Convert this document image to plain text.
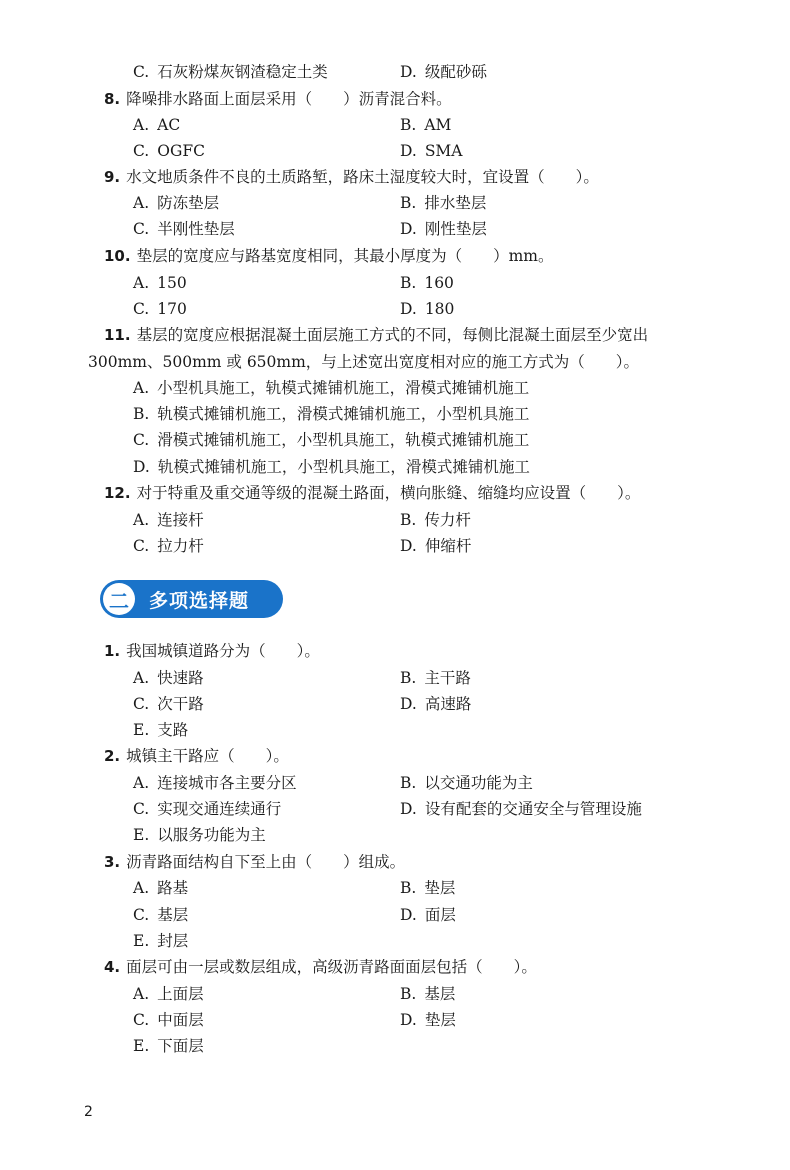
C. 石灰粉煤灰钢渣稳定土类	D. 级配砂砾
8. 降噪排水路面上面层采用（　　）沥青混合料。
A. AC	B. AM
C. OGFC	D. SMA
9. 水文地质条件不良的土质路堑，路床土湿度较大时，宜设置（　　）。
A. 防冻垫层	B. 排水垫层
C. 半刚性垫层	D. 刚性垫层
10. 垫层的宽度应与路基宽度相同，其最小厚度为（　　）mm。
A. 150	B. 160
C. 170	D. 180
11. 基层的宽度应根据混凝土面层施工方式的不同，每侧比混凝土面层至少宽出
300mm、500mm 或 650mm，与上述宽出宽度相对应的施工方式为（　　）。
A. 小型机具施工，轨模式摊铺机施工，滑模式摊铺机施工
B. 轨模式摊铺机施工，滑模式摊铺机施工，小型机具施工
C. 滑模式摊铺机施工，小型机具施工，轨模式摊铺机施工
D. 轨模式摊铺机施工，小型机具施工，滑模式摊铺机施工
12. 对于特重及重交通等级的混凝土路面，横向胀缝、缩缝均应设置（　　）。
A. 连接杆	B. 传力杆
C. 拉力杆	D. 伸缩杆
二	多项选择题
1. 我国城镇道路分为（　　）。
A. 快速路	B. 主干路
C. 次干路	D. 高速路
E. 支路
2. 城镇主干路应（　　）。
A. 连接城市各主要分区	B. 以交通功能为主
C. 实现交通连续通行	D. 设有配套的交通安全与管理设施
E. 以服务功能为主
3. 沥青路面结构自下至上由（　　）组成。
A. 路基	B. 垫层
C. 基层	D. 面层
E. 封层
4. 面层可由一层或数层组成，高级沥青路面面层包括（　　）。
A. 上面层	B. 基层
C. 中面层	D. 垫层
E. 下面层
2
